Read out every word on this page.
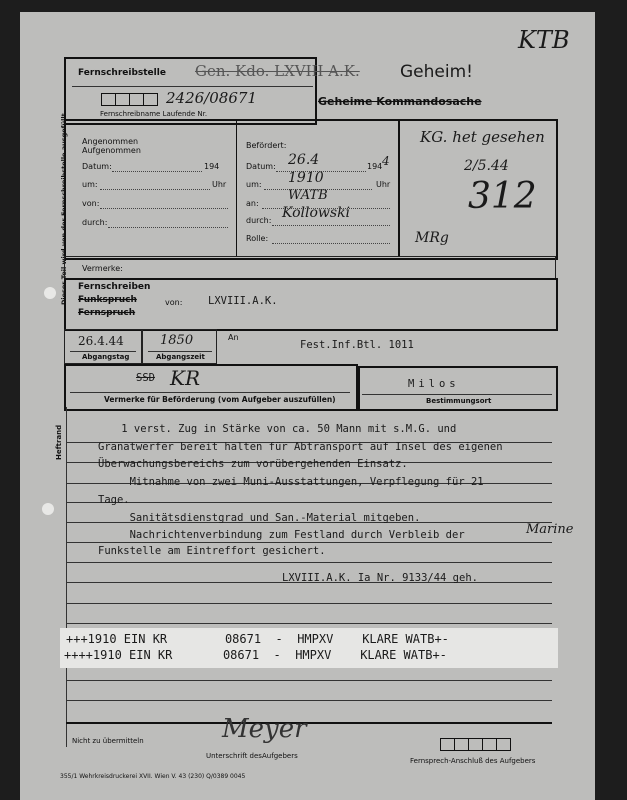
KTB
Dieser Teil wird von der Fernschreibstelle ausgefüllt
Heftrand
Fernschreibstelle Gen. Kdo. LXVIII A.K.
2426/08671
Fernschreibname Laufende Nr.
Geheim!
Geheime Kommandosache
Angenommen
Aufgenommen
Datum:	194
um:	Uhr
von:
durch:
Befördert:
Datum: 26.4	194 4
um: 1910	Uhr
an:
WATB
durch: Kollowski
Rolle:
KG. het gesehen
2/5.44
312
MRg
Vermerke:
Fernschreiben
Funkspruch
Fernspruch
von: LXVIII.A.K.
26.4.44
Abgangstag
1850
Abgangszeit
An
Fest.Inf.Btl. 1011
SSD KR
Vermerke für Beförderung (vom Aufgeber auszufüllen)
Milos
Bestimmungsort
1 verst. Zug in Stärke von ca. 50 Mann mit s.M.G. und
Granatwerfer bereit halten für Abtransport auf Insel des eigenen
Überwachungsbereichs zum vorübergehenden Einsatz.
Mitnahme von zwei Muni-Ausstattungen, Verpflegung für 21
Tage.
Sanitätsdienstgrad und San.-Material mitgeben.
Nachrichtenverbindung zum Festland durch Verbleib der	Marine
Funkstelle am Eintreffort gesichert.
LXVIII.A.K. Ia Nr. 9133/44 geh.
+++1910 EIN KR        08671  -  HMPXV    KLARE WATB+-
++++1910 EIN KR       08671  -  HMPXV    KLARE WATB+-
Nicht zu übermitteln	Meyer
Unterschrift des Aufgebers
Fernsprech-Anschluß des Aufgebers
355/1 Wehrkreisdruckerei XVII. Wien V. 43 (230) Q/0389 0045
